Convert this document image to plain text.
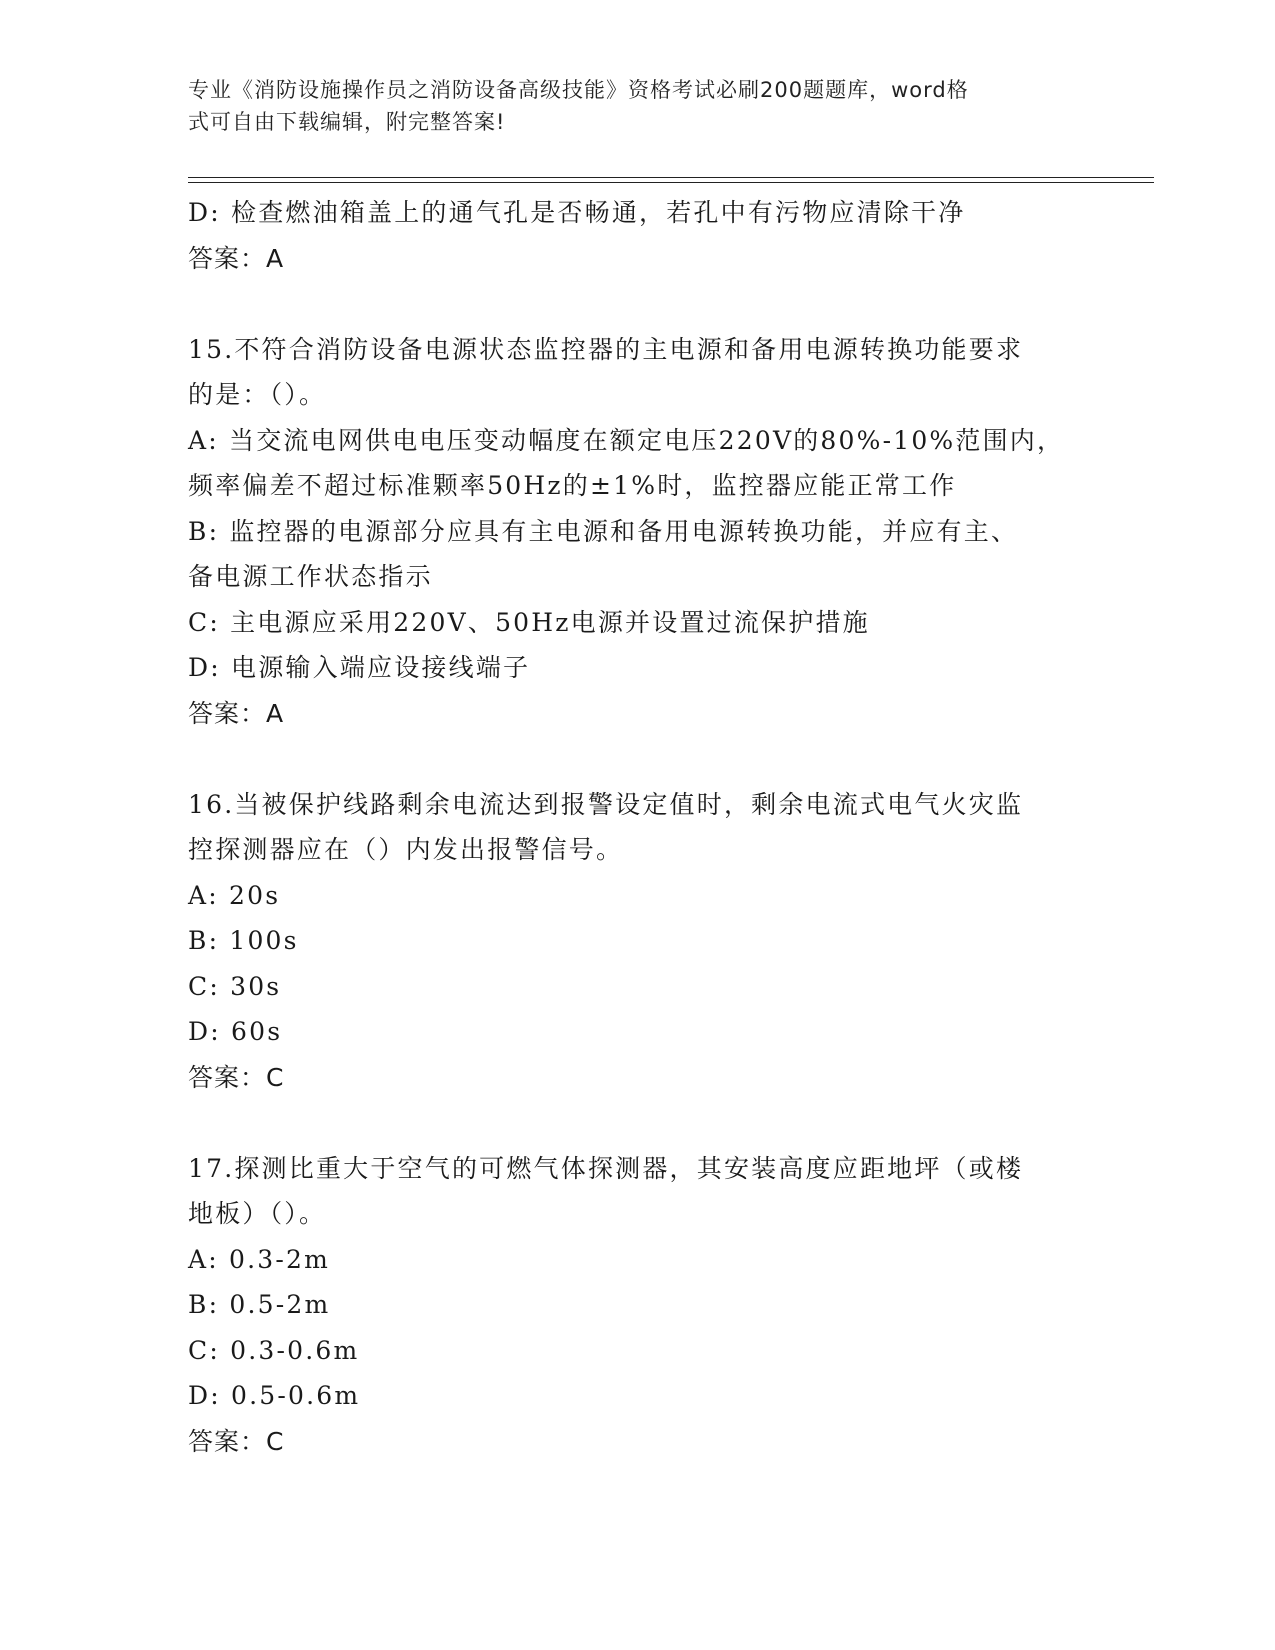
专业《消防设施操作员之消防设备高级技能》资格考试必刷200题题库，word格
式可自由下载编辑，附完整答案!
D: 检查燃油箱盖上的通气孔是否畅通，若孔中有污物应清除干净
答案：A
15.不符合消防设备电源状态监控器的主电源和备用电源转换功能要求
的是：（）。
A: 当交流电网供电电压变动幅度在额定电压220V的80%-10%范围内，
频率偏差不超过标准颗率50Hz的±1%时，监控器应能正常工作
B: 监控器的电源部分应具有主电源和备用电源转换功能，并应有主、
备电源工作状态指示
C: 主电源应采用220V、50Hz电源并设置过流保护措施
D: 电源输入端应设接线端子
答案：A
16.当被保护线路剩余电流达到报警设定值时，剩余电流式电气火灾监
控探测器应在（）内发出报警信号。
A: 20s
B: 100s
C: 30s
D: 60s
答案：C
17.探测比重大于空气的可燃气体探测器，其安装高度应距地坪（或楼
地板）（）。
A: 0.3-2m
B: 0.5-2m
C: 0.3-0.6m
D: 0.5-0.6m
答案：C
